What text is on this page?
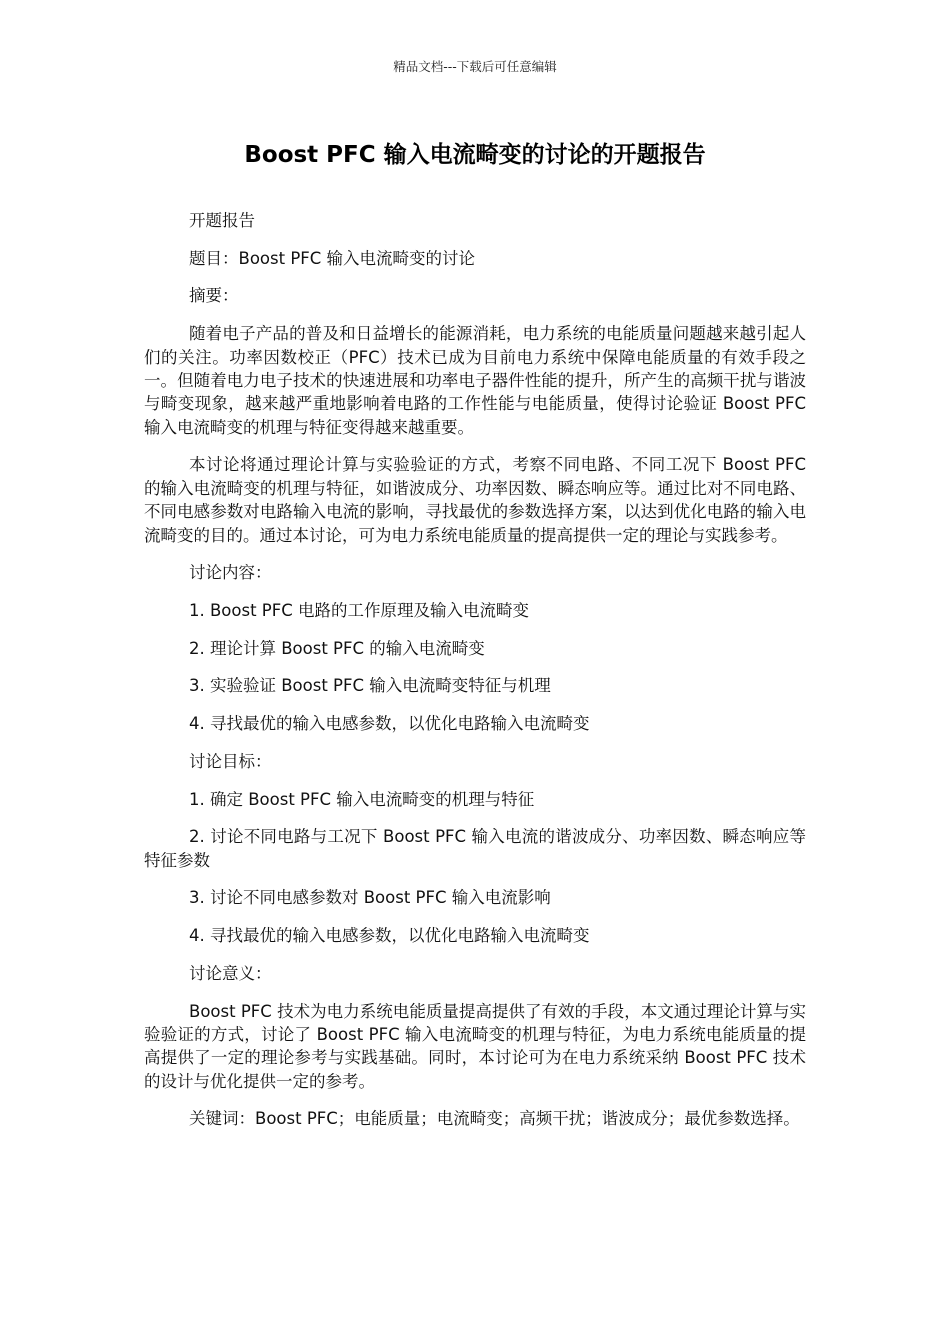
精品文档---下载后可任意编辑
Boost PFC 输入电流畸变的讨论的开题报告

开题报告

题目：Boost PFC 输入电流畸变的讨论

摘要：

随着电子产品的普及和日益增长的能源消耗，电力系统的电能质量问题越来越引起人们的关注。功率因数校正（PFC）技术已成为目前电力系统中保障电能质量的有效手段之一。但随着电力电子技术的快速进展和功率电子器件性能的提升，所产生的高频干扰与谐波与畸变现象，越来越严重地影响着电路的工作性能与电能质量，使得讨论验证 Boost PFC 输入电流畸变的机理与特征变得越来越重要。

本讨论将通过理论计算与实验验证的方式，考察不同电路、不同工况下 Boost PFC 的输入电流畸变的机理与特征，如谐波成分、功率因数、瞬态响应等。通过比对不同电路、不同电感参数对电路输入电流的影响，寻找最优的参数选择方案，以达到优化电路的输入电流畸变的目的。通过本讨论，可为电力系统电能质量的提高提供一定的理论与实践参考。

讨论内容：

1. Boost PFC 电路的工作原理及输入电流畸变

2. 理论计算 Boost PFC 的输入电流畸变

3. 实验验证 Boost PFC 输入电流畸变特征与机理

4. 寻找最优的输入电感参数，以优化电路输入电流畸变

讨论目标：

1. 确定 Boost PFC 输入电流畸变的机理与特征

2. 讨论不同电路与工况下 Boost PFC 输入电流的谐波成分、功率因数、瞬态响应等特征参数

3. 讨论不同电感参数对 Boost PFC 输入电流影响

4. 寻找最优的输入电感参数，以优化电路输入电流畸变

讨论意义：

Boost PFC 技术为电力系统电能质量提高提供了有效的手段，本文通过理论计算与实验验证的方式，讨论了 Boost PFC 输入电流畸变的机理与特征，为电力系统电能质量的提高提供了一定的理论参考与实践基础。同时，本讨论可为在电力系统采纳 Boost PFC 技术的设计与优化提供一定的参考。

关键词：Boost PFC；电能质量；电流畸变；高频干扰；谐波成分；最优参数选择。
